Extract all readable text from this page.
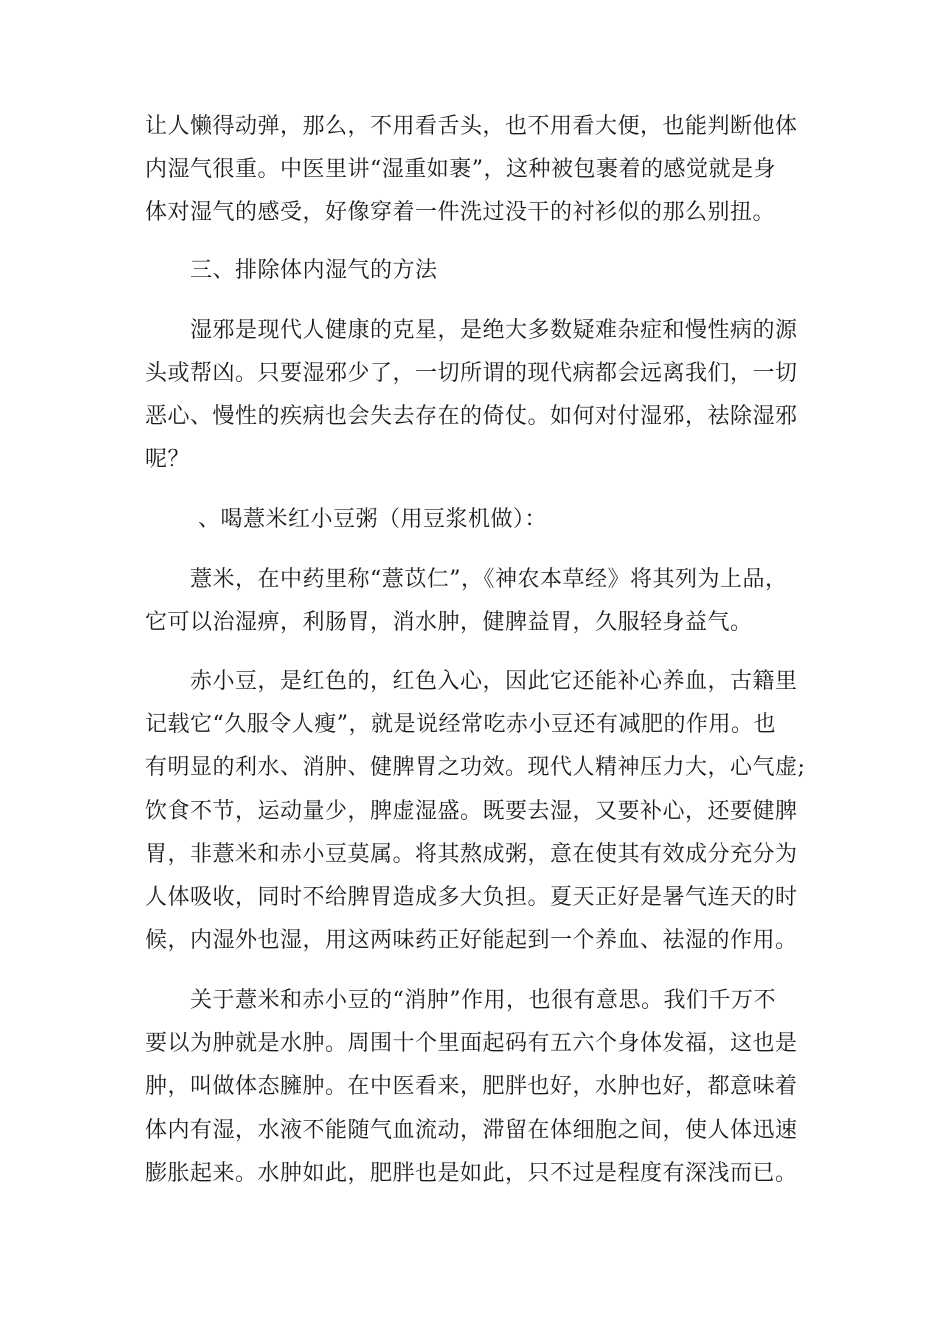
让人懒得动弹，那么，不用看舌头，也不用看大便，也能判断他体
内湿气很重。中医里讲“湿重如裹”，这种被包裹着的感觉就是身
体对湿气的感受，好像穿着一件洗过没干的衬衫似的那么别扭。
三、排除体内湿气的方法
湿邪是现代人健康的克星，是绝大多数疑难杂症和慢性病的源
头或帮凶。只要湿邪少了，一切所谓的现代病都会远离我们，一切
恶心、慢性的疾病也会失去存在的倚仗。如何对付湿邪，祛除湿邪
呢？
、喝薏米红小豆粥（用豆浆机做）：
薏米，在中药里称“薏苡仁”，《神农本草经》将其列为上品，
它可以治湿痹，利肠胃，消水肿，健脾益胃，久服轻身益气。
赤小豆，是红色的，红色入心，因此它还能补心养血，古籍里
记载它“久服令人瘦”，就是说经常吃赤小豆还有减肥的作用。也
有明显的利水、消肿、健脾胃之功效。现代人精神压力大，心气虚;
饮食不节，运动量少，脾虚湿盛。既要去湿，又要补心，还要健脾
胃，非薏米和赤小豆莫属。将其熬成粥，意在使其有效成分充分为
人体吸收，同时不给脾胃造成多大负担。夏天正好是暑气连天的时
候，内湿外也湿，用这两味药正好能起到一个养血、祛湿的作用。
关于薏米和赤小豆的“消肿”作用，也很有意思。我们千万不
要以为肿就是水肿。周围十个里面起码有五六个身体发福，这也是
肿，叫做体态臃肿。在中医看来，肥胖也好，水肿也好，都意味着
体内有湿，水液不能随气血流动，滞留在体细胞之间，使人体迅速
膨胀起来。水肿如此，肥胖也是如此，只不过是程度有深浅而已。
